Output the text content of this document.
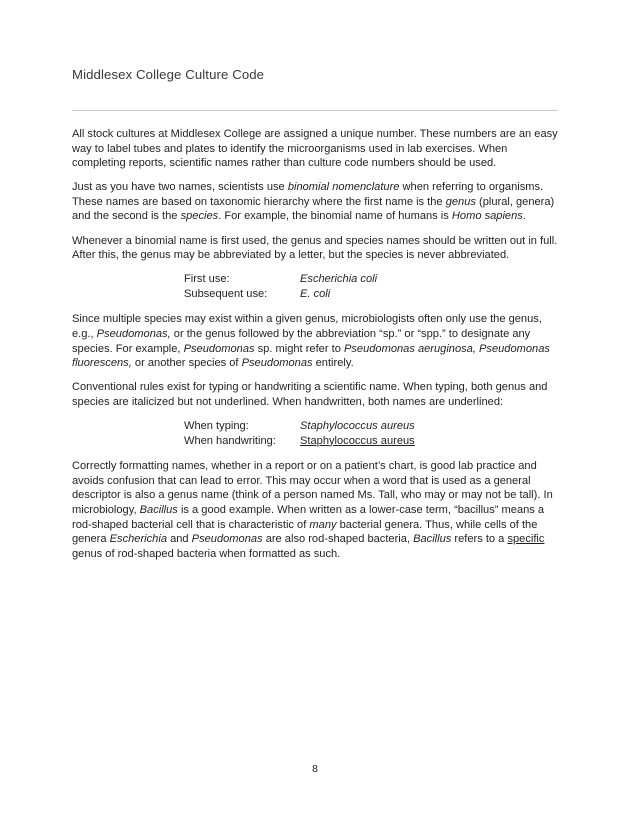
Middlesex College Culture Code

All stock cultures at Middlesex College are assigned a unique number. These numbers are an easy way to label tubes and plates to identify the microorganisms used in lab exercises. When completing reports, scientific names rather than culture code numbers should be used.

Just as you have two names, scientists use binomial nomenclature when referring to organisms. These names are based on taxonomic hierarchy where the first name is the genus (plural, genera) and the second is the species. For example, the binomial name of humans is Homo sapiens.

Whenever a binomial name is first used, the genus and species names should be written out in full. After this, the genus may be abbreviated by a letter, but the species is never abbreviated.

First use:	Escherichia coli
Subsequent use:	E. coli

Since multiple species may exist within a given genus, microbiologists often only use the genus, e.g., Pseudomonas, or the genus followed by the abbreviation “sp.” or “spp.” to designate any species. For example, Pseudomonas sp. might refer to Pseudomonas aeruginosa, Pseudomonas fluorescens, or another species of Pseudomonas entirely.

Conventional rules exist for typing or handwriting a scientific name. When typing, both genus and species are italicized but not underlined. When handwritten, both names are underlined:

When typing:	Staphylococcus aureus
When handwriting:	Staphylococcus aureus

Correctly formatting names, whether in a report or on a patient’s chart, is good lab practice and avoids confusion that can lead to error. This may occur when a word that is used as a general descriptor is also a genus name (think of a person named Ms. Tall, who may or may not be tall). In microbiology, Bacillus is a good example. When written as a lower-case term, “bacillus” means a rod-shaped bacterial cell that is characteristic of many bacterial genera. Thus, while cells of the genera Escherichia and Pseudomonas are also rod-shaped bacteria, Bacillus refers to a specific genus of rod-shaped bacteria when formatted as such.

8
